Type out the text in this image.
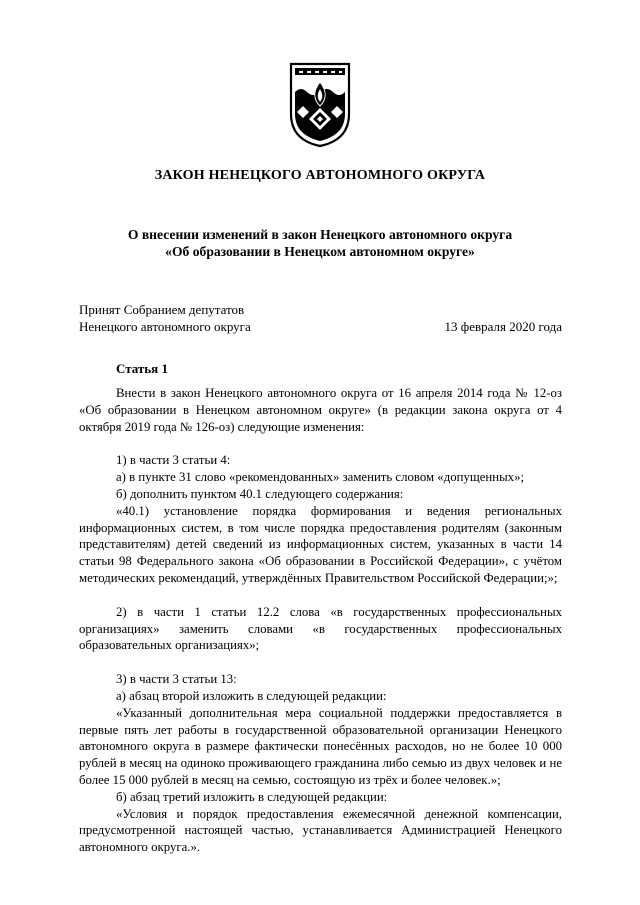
ЗАКОН НЕНЕЦКОГО АВТОНОМНОГО ОКРУГА
О внесении изменений в закон Ненецкого автономного округа
«Об образовании в Ненецком автономном округе»
Принят Собранием депутатов
Ненецкого автономного округа	13 февраля 2020 года
Статья 1

Внести в закон Ненецкого автономного округа от 16 апреля 2014 года № 12-оз «Об образовании в Ненецком автономном округе» (в редакции закона округа от 4 октября 2019 года № 126-оз) следующие изменения:

1) в части 3 статьи 4:

а) в пункте 31 слово «рекомендованных» заменить словом «допущенных»;

б) дополнить пунктом 40.1 следующего содержания:

«40.1) установление порядка формирования и ведения региональных информационных систем, в том числе порядка предоставления родителям (законным представителям) детей сведений из информационных систем, указанных в части 14 статьи 98 Федерального закона «Об образовании в Российской Федерации», с учётом методических рекомендаций, утверждённых Правительством Российской Федерации;»;

2) в части 1 статьи 12.2 слова «в государственных профессиональных организациях» заменить словами «в государственных профессиональных образовательных организациях»;

3) в части 3 статьи 13:

а) абзац второй изложить в следующей редакции:

«Указанный дополнительная мера социальной поддержки предоставляется в первые пять лет работы в государственной образовательной организации Ненецкого автономного округа в размере фактически понесённых расходов, но не более 10 000 рублей в месяц на одиноко проживающего гражданина либо семью из двух человек и не более 15 000 рублей в месяц на семью, состоящую из трёх и более человек.»;

б) абзац третий изложить в следующей редакции:

«Условия и порядок предоставления ежемесячной денежной компенсации, предусмотренной настоящей частью, устанавливается Администрацией Ненецкого автономного округа.».
